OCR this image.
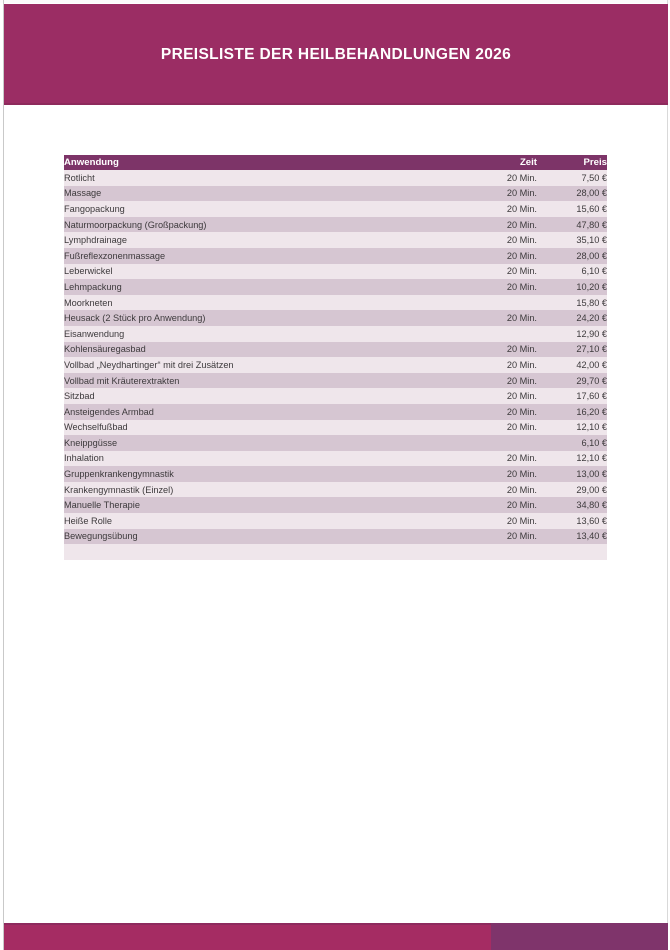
PREISLISTE DER HEILBEHANDLUNGEN 2026
Anwendung	Zeit	Preis
Rotlicht	20 Min.	7,50 €
Massage	20 Min.	28,00 €
Fangopackung	20 Min.	15,60 €
Naturmoorpackung (Großpackung)	20 Min.	47,80 €
Lymphdrainage	20 Min.	35,10 €
Fußreflexzonenmassage	20 Min.	28,00 €
Leberwickel	20 Min.	6,10 €
Lehmpackung	20 Min.	10,20 €
Moorkneten		15,80 €
Heusack (2 Stück pro Anwendung)	20 Min.	24,20 €
Eisanwendung		12,90 €
Kohlensäuregasbad	20 Min.	27,10 €
Vollbad „Neydhartinger“ mit drei Zusätzen	20 Min.	42,00 €
Vollbad mit Kräuterextrakten	20 Min.	29,70 €
Sitzbad	20 Min.	17,60 €
Ansteigendes Armbad	20 Min.	16,20 €
Wechselfußbad	20 Min.	12,10 €
Kneippgüsse		6,10 €
Inhalation	20 Min.	12,10 €
Gruppenkrankengymnastik	20 Min.	13,00 €
Krankengymnastik (Einzel)	20 Min.	29,00 €
Manuelle Therapie	20 Min.	34,80 €
Heiße Rolle	20 Min.	13,60 €
Bewegungsübung	20 Min.	13,40 €
